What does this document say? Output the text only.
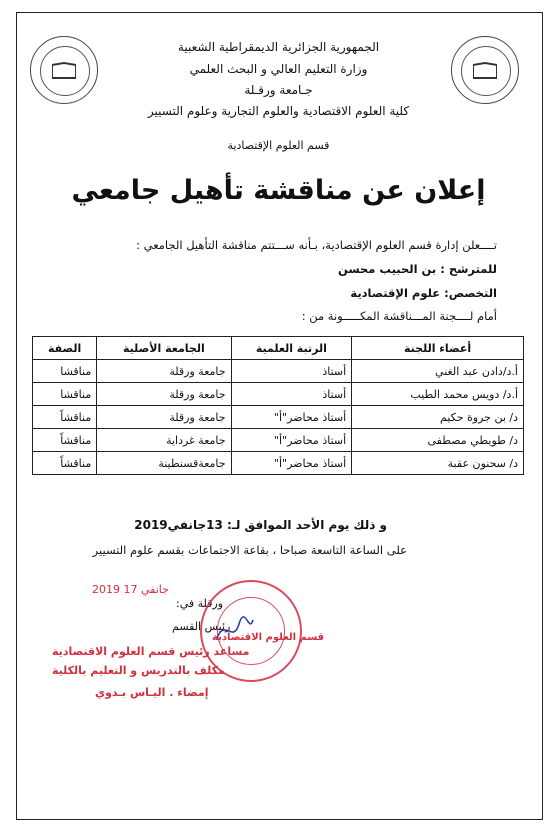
الجمهورية الجزائرية الديمقراطية الشعبية
وزارة التعليم العالي و البحث العلمي
جـامعة ورقـلة
كلية العلوم الاقتصادية والعلوم التجارية وعلوم التسيير
قسم العلوم الإقتصادية
إعلان عن مناقشة تأهيل جامعي
تــــعلن إدارة قسم العلوم الإقتصادية، بـأنه ســـتتم مناقشة التأهيل الجامعي :
للمترشح : بن الحبيب محسن
التخصص: علوم الإقتصادية
أمام لــــجنة المـــناقشة المكـــــونة من :
أعضاء اللجنة	الرتبة العلمية	الجامعة الأصلية	الصفة
أ.د/دادن عبد الغني	أستاذ	جامعة ورقلة	مناقشا
أ.د/ دويس محمد الطيب	أستاذ	جامعة ورقلة	مناقشا
د/ بن جروة حكيم	أستاذ محاضر"أ"	جامعة ورقلة	مناقشاً
د/ طويطي مصطفى	أستاذ محاضر"أ"	جامعة غرداية	مناقشاً
د/ سحنون عقبة	أستاذ محاضر"أ"	جامعةقسنطينة	مناقشاً
و ذلك يوم الأحد الموافق لـ: 13جانفي2019
على الساعة التاسعة صباحا ، بقاعة الاجتماعات بقسم علوم التسيير
2019 جانفي 17
ورقلة في:
رئيس القسم
قسم العلوم الاقتصادية
مساعد رئيس قسم العلوم الاقتصادية
مكلف بالتدريس و التعليم بالكلية
إمضاء . اليـاس بـدوي
